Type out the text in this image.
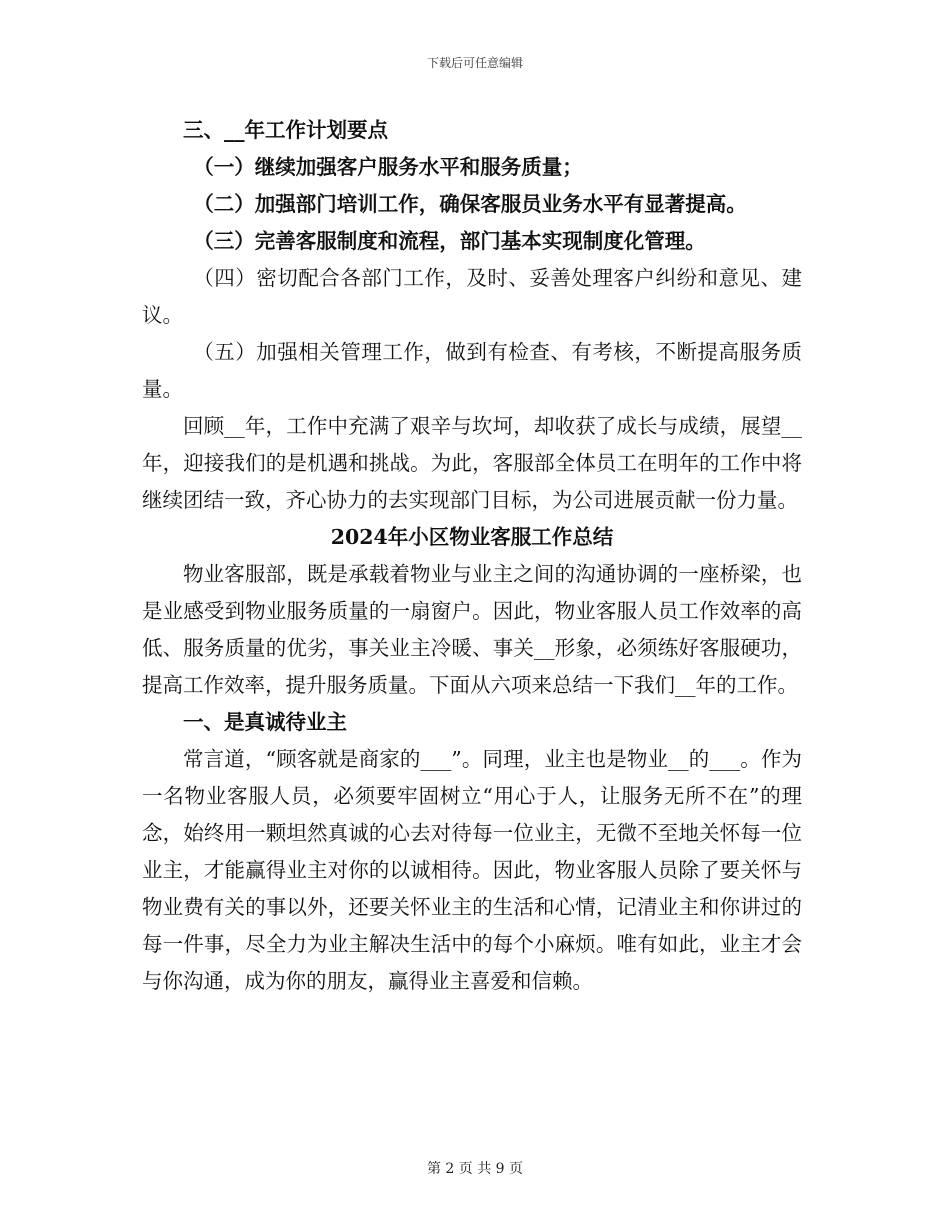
下载后可任意编辑

三、__年工作计划要点

（一）继续加强客户服务水平和服务质量；

（二）加强部门培训工作，确保客服员业务水平有显著提高。

（三）完善客服制度和流程，部门基本实现制度化管理。

（四）密切配合各部门工作，及时、妥善处理客户纠纷和意见、建议。

（五）加强相关管理工作，做到有检查、有考核，不断提高服务质量。

回顾__年，工作中充满了艰辛与坎坷，却收获了成长与成绩，展望__年，迎接我们的是机遇和挑战。为此，客服部全体员工在明年的工作中将继续团结一致，齐心协力的去实现部门目标，为公司进展贡献一份力量。

2024年小区物业客服工作总结

物业客服部，既是承载着物业与业主之间的沟通协调的一座桥梁，也是业感受到物业服务质量的一扇窗户。因此，物业客服人员工作效率的高低、服务质量的优劣，事关业主冷暖、事关__形象，必须练好客服硬功，提高工作效率，提升服务质量。下面从六项来总结一下我们__年的工作。

一、是真诚待业主

常言道，“顾客就是商家的___”。同理，业主也是物业__的___。作为一名物业客服人员，必须要牢固树立“用心于人，让服务无所不在”的理念，始终用一颗坦然真诚的心去对待每一位业主，无微不至地关怀每一位业主，才能赢得业主对你的以诚相待。因此，物业客服人员除了要关怀与物业费有关的事以外，还要关怀业主的生活和心情，记清业主和你讲过的每一件事，尽全力为业主解决生活中的每个小麻烦。唯有如此，业主才会与你沟通，成为你的朋友，赢得业主喜爱和信赖。

第 2 页 共 9 页
